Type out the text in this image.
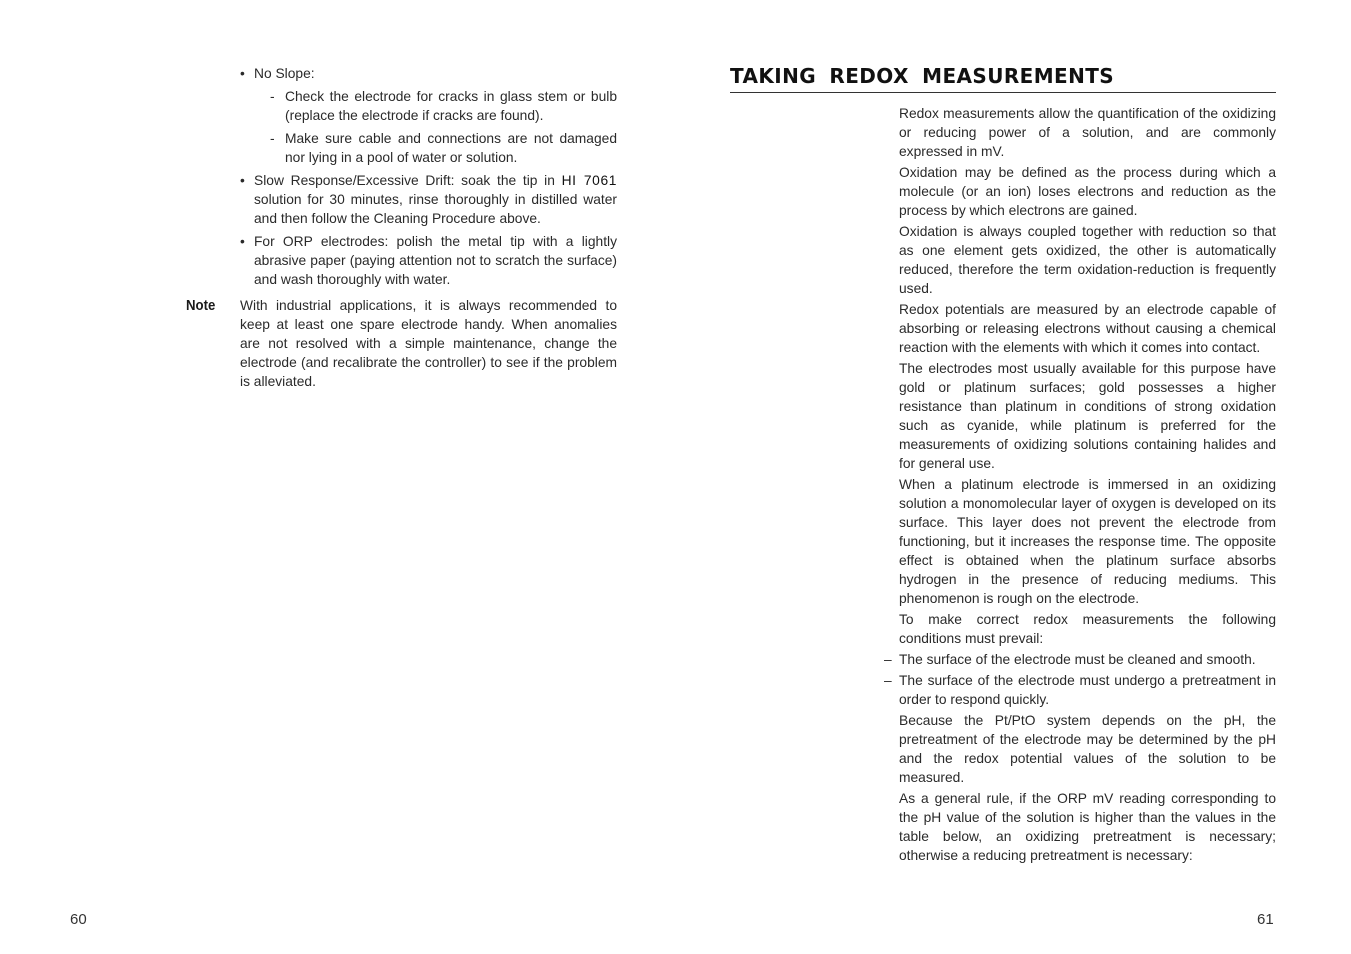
• No Slope:
- Check the electrode for cracks in glass stem or bulb (replace the electrode if cracks are found).
- Make sure cable and connections are not damaged nor lying in a pool of water or solution.
• Slow Response/Excessive Drift: soak the tip in HI 7061 solution for 30 minutes, rinse thoroughly in distilled water and then follow the Cleaning Procedure above.
• For ORP electrodes: polish the metal tip with a lightly abrasive paper (paying attention not to scratch the surface) and wash thoroughly with water.
Note With industrial applications, it is always recommended to keep at least one spare electrode handy. When anomalies are not resolved with a simple maintenance, change the electrode (and recalibrate the controller) to see if the problem is alleviated.
60
TAKING REDOX MEASUREMENTS

Redox measurements allow the quantification of the oxidizing or reducing power of a solution, and are commonly expressed in mV.

Oxidation may be defined as the process during which a molecule (or an ion) loses electrons and reduction as the process by which electrons are gained.

Oxidation is always coupled together with reduction so that as one element gets oxidized, the other is automatically reduced, therefore the term oxidation-reduction is frequently used.

Redox potentials are measured by an electrode capable of absorbing or releasing electrons without causing a chemical reaction with the elements with which it comes into contact.

The electrodes most usually available for this purpose have gold or platinum surfaces; gold possesses a higher resistance than platinum in conditions of strong oxidation such as cyanide, while platinum is preferred for the measurements of oxidizing solutions containing halides and for general use.

When a platinum electrode is immersed in an oxidizing solution a monomolecular layer of oxygen is developed on its surface. This layer does not prevent the electrode from functioning, but it increases the response time. The opposite effect is obtained when the platinum surface absorbs hydrogen in the presence of reducing mediums. This phenomenon is rough on the electrode.

To make correct redox measurements the following conditions must prevail:

– The surface of the electrode must be cleaned and smooth.
– The surface of the electrode must undergo a pretreatment in order to respond quickly.

Because the Pt/PtO system depends on the pH, the pretreatment of the electrode may be determined by the pH and the redox potential values of the solution to be measured.

As a general rule, if the ORP mV reading corresponding to the pH value of the solution is higher than the values in the table below, an oxidizing pretreatment is necessary; otherwise a reducing pretreatment is necessary:

61
